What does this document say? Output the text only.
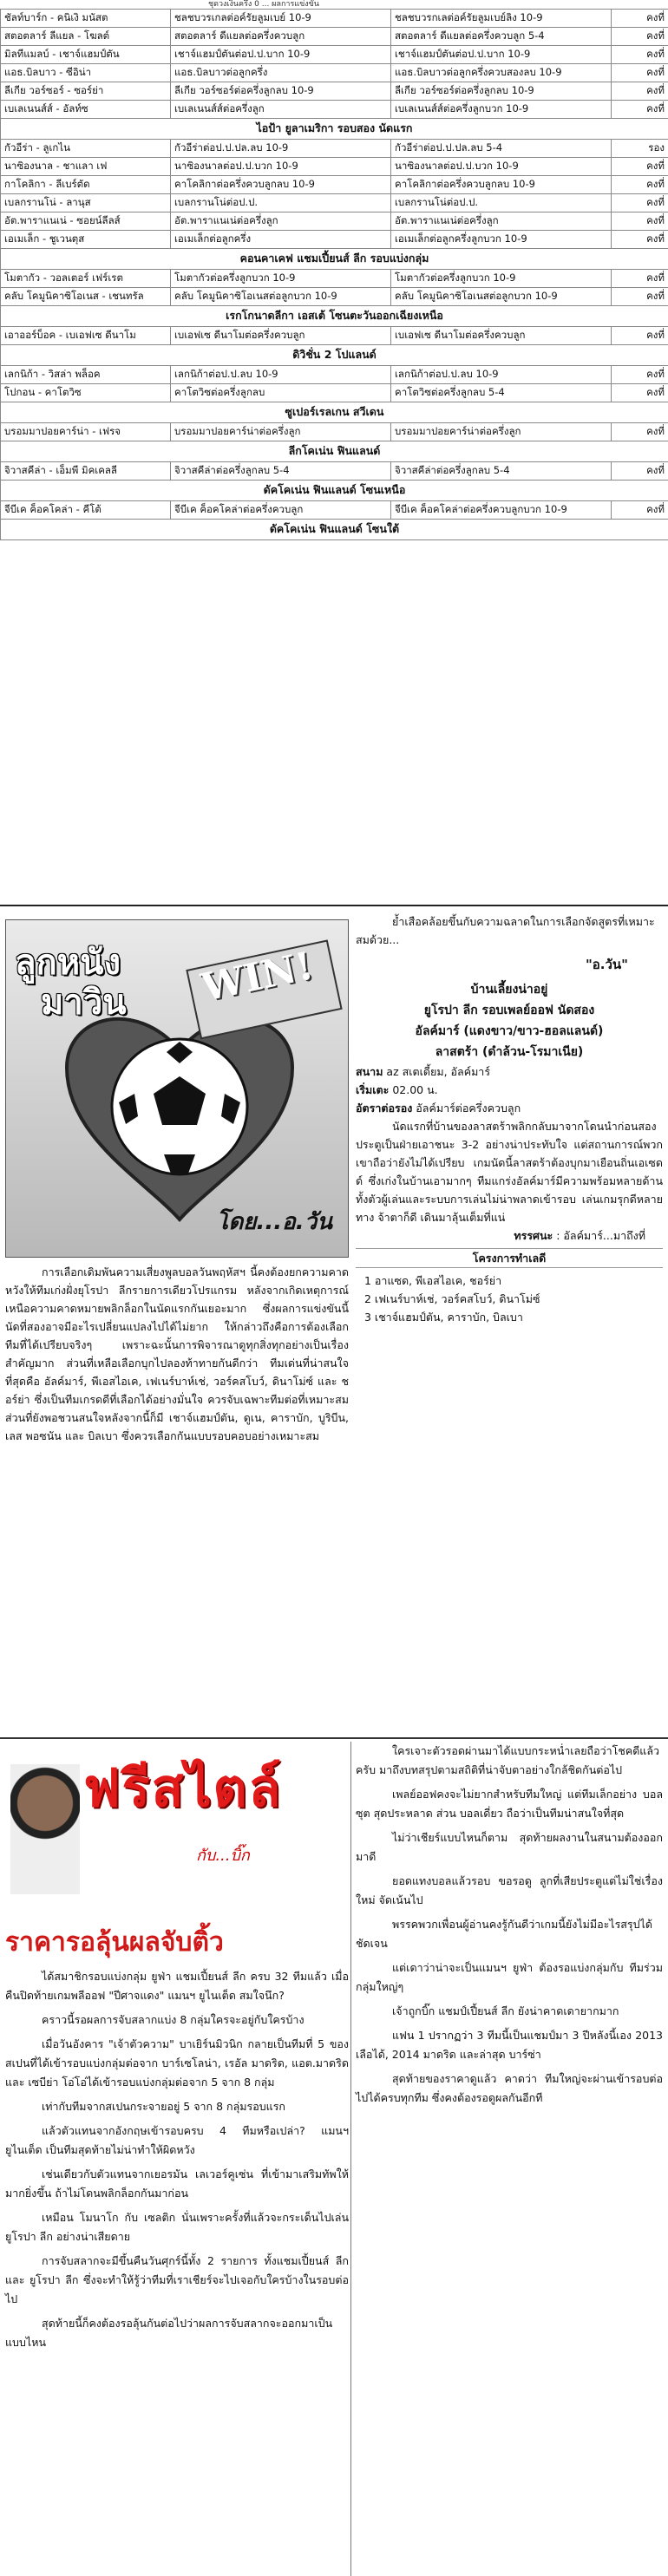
ชุดวงเงินครึ่ง 0 ... ผลการแข่งขัน
ชัลท์บาร์ก - คนิเงิ มนัสต	ชลชบวรเกลต่อค์รัยลูมเบย์ 10-9	ชลชบวรกเลต่อค์รัยลูมเบย์ลิง 10-9	คงที่
สตอตลาร์ ลีแยล - โฆลต์	สตอตลาร์ ดีแยลต่อครึ่งควบลูก	สตอตลาร์ ดีแยลต่อครึ่งควบลูก 5-4	คงที่
มิลทีแมลบ์ - เชาจ์แฮมป์ตัน	เชาจ์แฮมป์ตันต่อป.ป.บาก 10-9	เชาจ์แฮมป์ตันต่อป.ป.บาก 10-9	คงที่
แอธ.บิลบาว - ซีอิน่า	แอธ.บิลบาวต่อลูกครึ่ง	แอธ.บิลบาวต่อลูกครึ่งควบสองลบ 10-9	คงที่
ลีเกีย วอร์ซอร์ - ซอร์ย่า	ลีเกีย วอร์ซอร์ต่อครึ่งลูกลบ 10-9	ลีเกีย วอร์ซอร์ต่อครึ่งลูกลบ 10-9	คงที่
เบเลเนนส์ส์ - อัลท์ซ	เบเลเนนส์ส์ต่อครึ่งลูก	เบเลเนนส์ส์ต่อครึ่งลูกบวก 10-9	คงที่
ไอป้า ยูลาเมริกา รอบสอง นัดแรก			
กัวอีร่า - ลูเกไน	กัวอีร่าต่อป.ป.ปล.ลบ 10-9	กัวอีร่าต่อป.ป.ปล.ลบ 5-4	รอง
นาซิองนาล - ชาแลา เฟ	นาซิองนาลต่อป.ป.บวก 10-9	นาซิองนาลต่อป.ป.บวก 10-9	คงที่
กาโคลิกา - ลีเบร์ตัด	คาโคลิกาต่อครึ่งควบลูกลบ 10-9	คาโคลิกาต่อครึ่งควบลูกลบ 10-9	คงที่
เบลกรานโน่ - ลานุส	เบลกรานโน่ต่อป.ป.	เบลกรานโน่ต่อป.ป.	คงที่
อัต.พาราแนเน่ - ซอยน์ลีลส์	อัต.พาราแนเน่ต่อครึ่งลูก	อัต.พาราแนเน่ต่อครึ่งลูก	คงที่
เอเมเล็ก - ชูเวนตุส	เอเมเล็กต่อลูกครึ่ง	เอเมเล็กต่อลูกครึ่งลูกบวก 10-9	คงที่
คอนคาเคฟ แชมเปี้ยนส์ ลีก รอบแบ่งกลุ่ม			
โมตากัว - วอลเตอร์ เฟร์เรต	โมตากัวต่อครึ่งลูกบวก 10-9	โมตากัวต่อครึ่งลูกบวก 10-9	คงที่
คลับ โคมูนิคาซิโอเนส - เชนทรัล	คลับ โคมูนิคาซิโอเนสต่อลูกบวก 10-9	คลับ โคมูนิคาซิโอเนสต่อลูกบวก 10-9	คงที่
เรกโกนาดลีกา เอสเต้ โซนตะวันออกเฉียงเหนือ			
เอาออร์บ็อค - เบเอฟเซ ดีนาโม	เบเอฟเซ ดีนาโมต่อครึ่งควบลูก	เบเอฟเซ ดีนาโมต่อครึ่งควบลูก	คงที่
ดิวิชั่น 2 โปแลนด์			
เลกนิก้า - วิสล่า พล็อค	เลกนิก้าต่อป.ป.ลบ 10-9	เลกนิก้าต่อป.ป.ลบ 10-9	คงที่
โปกอน - คาโตวิซ	คาโตวิซต่อครึ่งลูกลบ	คาโตวิซต่อครึ่งลูกลบ 5-4	คงที่
ซูเปอร์เรลเกน สวีเดน			
บรอมมาปอยคาร์น่า - เฟรจ	บรอมมาปอยคาร์น่าต่อครึ่งลูก	บรอมมาปอยคาร์น่าต่อครึ่งลูก	คงที่
ลีกโคเน่น ฟินแลนด์			
จิวาสคีล่า - เอ็มพี มิคเคลลี	จิวาสคีล่าต่อครึ่งลูกลบ 5-4	จิวาสคีล่าต่อครึ่งลูกลบ 5-4	คงที่
ดัคโคเน่น ฟินแลนด์ โซนเหนือ			
จีบีเค ค็อคโคล่า - คีโต้	จีบีเค ค็อคโคล่าต่อครึ่งควบลูก	จีบีเค ค็อคโคล่าต่อครึ่งควบลูกบวก 10-9	คงที่
ดัคโคเน่น ฟินแลนด์ โซนใต้			
ลูกหนัง
มาวิน	WIN!
โดย...อ.วัน
ย้ำเสือคล้อยขึ้นกับความฉลาดในการเลือกจัดสูตรที่เหมาะสมด้วย...
"อ.วัน"
บ้านเลี้ยงน่าอยู่
ยูโรปา ลีก รอบเพลย์ออฟ นัดสอง
อัลค์มาร์ (แดงขาว/ขาว-ฮอลแลนด์)
ลาสตร้า (ดำล้วน-โรมาเนีย)
สนาม az สเตเดี้ยม, อัลค์มาร์
เริ่มเตะ 02.00 น.
อัตราต่อรอง อัลค์มาร์ต่อครึ่งควบลูก
นัดแรกที่บ้านของลาสตร้าพลิกกลับมาจากโดนนำก่อนสองประตูเป็นฝ่ายเอาชนะ 3-2 อย่างน่าประทับใจ แต่สถานการณ์พวกเขาถือว่ายังไม่ได้เปรียบ เกมนัดนี้ลาสตร้าต้องบุกมาเยือนถิ่นเอเซดด์ ซึ่งเก่งในบ้านเอามากๆ ทีมแกร่งอัลค์มาร์มีความพร้อมหลายด้านทั้งตัวผู้เล่นและระบบการเล่นไม่น่าพลาดเข้ารอบ เล่นเกมรุกดีหลายทาง จ้าตาก็ดี เดินมาลุ้นเต็มที่แน่
ทรรศนะ : อัลค์มาร์...มาถึงที่
โครงการทำเลดี
1 อาแซด, พีเอสไอเค, ชอร์ย่า
2 เฟเนร์บาห์เช่, วอร์คสโบว์, ดินาโม่ซ์
3 เชาจ์แฮมป์ตัน, คาราบัก, บิลเบา
การเลือกเดิมพันความเสี่ยงพูลบอลวันพฤหัสฯ นี้คงต้องยกความคาดหวังให้ทีมเก่งฝั่งยุโรปา ลีกรายการเดียวโปรแกรม หลังจากเกิดเหตุการณ์เหนือความคาดหมายพลิกล็อกในนัดแรกกันเยอะมาก ซึ่งผลการแข่งขันนี้นัดที่สองอาจมีอะไรเปลี่ยนแปลงไปได้ไม่ยาก ให้กล่าวถึงคือการต้องเลือกทีมที่ได้เปรียบจริงๆ เพราะฉะนั้นการพิจารณาดูทุกสิ่งทุกอย่างเป็นเรื่องสำคัญมาก ส่วนที่เหลือเลือกบุกไปลองท้าทายกันดีกว่า ทีมเด่นที่น่าสนใจที่สุดคือ อัลค์มาร์, พีเอสไอเค, เฟเนร์บาห์เช่, วอร์คสโบว์, ดินาโม่ซ์ และ ชอร์ย่า ซึ่งเป็นทีมเกรดดีที่เลือกได้อย่างมั่นใจ ควรจับเฉพาะทีมต่อที่เหมาะสม ส่วนที่ยังพอชวนสนใจหลังจากนี้ก็มี เชาจ์แฮมป์ตัน, ดูเน, คาราบัก, บูริบีน, เลส พอซนัน และ บิลเบา ซึ่งควรเลือกกันแบบรอบคอบอย่างเหมาะสม
ฟรีสไตล์
กับ...บิ๊ก
ราคารอลุ้นผลจับติ้ว
ได้สมาชิกรอบแบ่งกลุ่ม ยูฟ่า แชมเปี้ยนส์ ลีก ครบ 32 ทีมแล้ว เมื่อคืนปิดท้ายเกมพลีออฟ "ปีศาจแดง" แมนฯ ยูไนเต็ด สมใจนึก?
คราวนี้รอผลการจับสลากแบ่ง 8 กลุ่มใครจะอยู่กับใครบ้าง
เมื่อวันอังคาร "เจ้าตัวความ" บาเยิร์นมิวนิก กลายเป็นทีมที่ 5 ของสเปนที่ได้เข้ารอบแบ่งกลุ่มต่อจาก บาร์เซโลน่า, เรอัล มาดริด, แอต.มาดริด และ เซบีย่า โอ่โอ่ได้เข้ารอบแบ่งกลุ่มต่อจาก 5 จาก 8 กลุ่ม
เท่ากับทีมจากสเปนกระจายอยู่ 5 จาก 8 กลุ่มรอบแรก
แล้วตัวแทนจากอังกฤษเข้ารอบครบ 4 ทีมหรือเปล่า? แมนฯ ยูไนเต็ด เป็นทีมสุดท้ายไม่น่าทำให้ผิดหวัง
เช่นเดียวกับตัวแทนจากเยอรมัน เลเวอร์คูเซ่น ที่เข้ามาเสริมทัพให้มากยิ่งขึ้น ถ้าไม่โดนพลิกล็อกกันมาก่อน
เหมือน โมนาโก กับ เซลติก นั่นเพราะครั้งที่แล้วจะกระเด็นไปเล่น ยูโรปา ลีก อย่างน่าเสียดาย
การจับสลากจะมีขึ้นคืนวันศุกร์นี้ทั้ง 2 รายการ ทั้งแชมเปี้ยนส์ ลีก และ ยูโรปา ลีก ซึ่งจะทำให้รู้ว่าทีมที่เราเชียร์จะไปเจอกับใครบ้างในรอบต่อไป
สุดท้ายนี้ก็คงต้องรอลุ้นกันต่อไปว่าผลการจับสลากจะออกมาเป็นแบบไหน
ใครเจาะตัวรอดผ่านมาได้แบบกระหน่ำเลยถือว่าโชคดีแล้ว ครับ มาถึงบทสรุปตามสถิติที่น่าจับตาอย่างใกล้ชิดกันต่อไป
เพลย์ออฟคงจะไม่ยากสำหรับทีมใหญ่ แต่ทีมเล็กอย่าง บอลซุต สุดประหลาด ส่วน บอลเดี่ยว ถือว่าเป็นทีมน่าสนใจที่สุด
ไม่ว่าเชียร์แบบไหนก็ตาม สุดท้ายผลงานในสนามต้องออกมาดี
ยอดแทงบอลแล้วรอบ ขอรอดู ลูกที่เสียประตูแต่ไม่ใช่เรื่องใหม่ จัดเน้นไป
พรรคพวกเพื่อนผู้อ่านคงรู้กันดีว่าเกมนี้ยังไม่มีอะไรสรุปได้ชัดเจน
แต่เดาว่าน่าจะเป็นแมนฯ ยูฟ่า ต้องรอแบ่งกลุ่มกับ ทีมร่วมกลุ่มใหญ่ๆ
เจ้าถูกบิ๊ก แชมป์เปี้ยนส์ ลีก ยังน่าคาดเดายากมาก
แฟน 1 ปรากฏว่า 3 ทีมนี้เป็นแชมป์มา 3 ปีหลังนี้เอง 2013 เลือได้, 2014 มาดริด และล่าสุด บาร์ซ่า
สุดท้ายของราคาดูแล้ว คาดว่า ทีมใหญ่จะผ่านเข้ารอบต่อไปได้ครบทุกทีม ซึ่งคงต้องรอดูผลกันอีกที
